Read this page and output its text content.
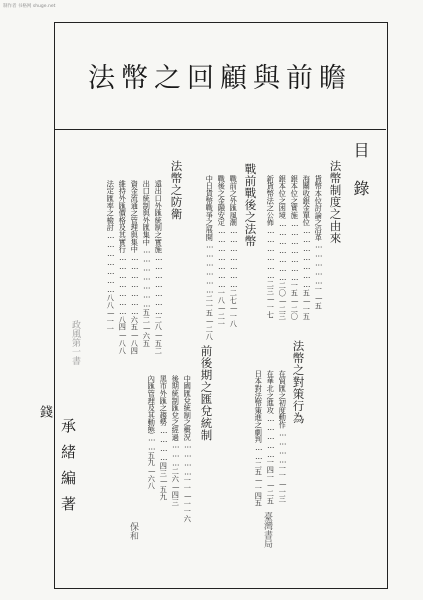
制作者 书格网 shuge.net
法幣之回顧與前瞻
目錄
法幣制度之由來
貨幣本位討論之沿革……………一—五
海關收銀金單位…………………五—一五
銀本位之實施…………………一五—二〇
銀本位之困境…………………二〇—二三
新貨幣法之公佈………………二三—一七
戰前戰後之法幣
戰前之外匯風潮…………………二七—一八
戰後之金融安定…………………一八—二一
中日貨幣戰爭之展開………………二一五—二八
法幣之防衛
遠出口外匯統制之實施…………………二八—五二
出口統制與外匯集中…………………五二—六五
資金流通之管理與集中…………………六五—八四
維持外匯價格及其實行…………………八四—八八
法定匯率之檢討…………………八八—一一
政風第一書	法幣之對策行為
在貿匯之初度動作…………一一—一三
在華北之進攻……………一四一—二五
日本對法幣策進之劇判……二五—一四五
前後期之匯兌統制
中國匯兌統制之概況…………一一—一一六
後期統制匯兌之經過………二六—四三
黑市外匯之趨勢…………四三—五九
內匯管理及其動態……五九—六八
錢
承緒編著
保和	臺灣書局
